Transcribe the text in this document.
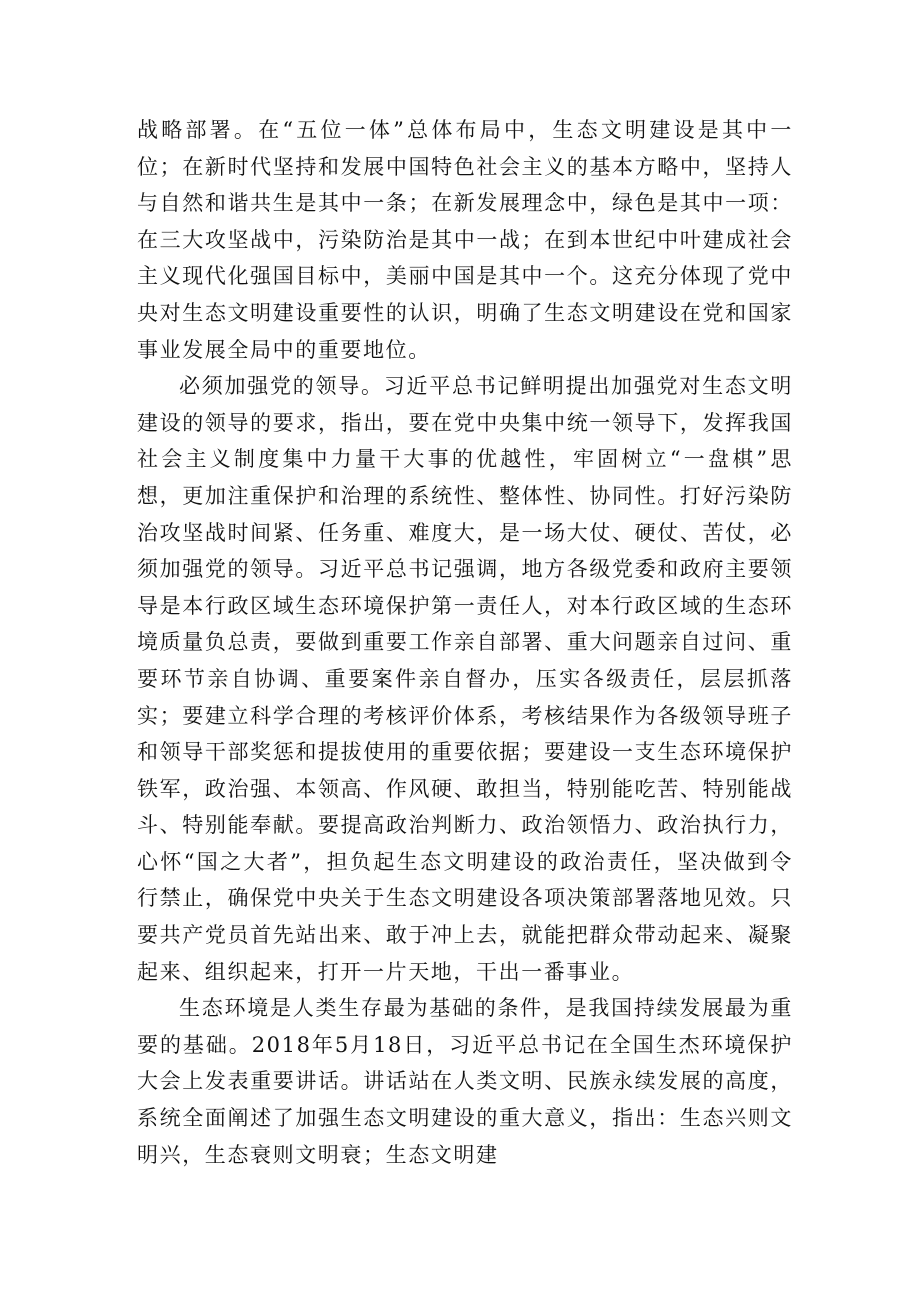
战略部署。在“五位一体”总体布局中，生态文明建设是其中一位；在新时代坚持和发展中国特色社会主义的基本方略中，坚持人与自然和谐共生是其中一条；在新发展理念中，绿色是其中一项：在三大攻坚战中，污染防治是其中一战；在到本世纪中叶建成社会主义现代化强国目标中，美丽中国是其中一个。这充分体现了党中央对生态文明建设重要性的认识，明确了生态文明建设在党和国家事业发展全局中的重要地位。

必须加强党的领导。习近平总书记鲜明提出加强党对生态文明建设的领导的要求，指出，要在党中央集中统一领导下，发挥我国社会主义制度集中力量干大事的优越性，牢固树立“一盘棋”思想，更加注重保护和治理的系统性、整体性、协同性。打好污染防治攻坚战时间紧、任务重、难度大，是一场大仗、硬仗、苦仗，必须加强党的领导。习近平总书记强调，地方各级党委和政府主要领导是本行政区域生态环境保护第一责任人，对本行政区域的生态环境质量负总责，要做到重要工作亲自部署、重大问题亲自过问、重要环节亲自协调、重要案件亲自督办，压实各级责任，层层抓落实；要建立科学合理的考核评价体系，考核结果作为各级领导班子和领导干部奖惩和提拔使用的重要依据；要建设一支生态环境保护铁军，政治强、本领高、作风硬、敢担当，特别能吃苦、特别能战斗、特别能奉献。要提高政治判断力、政治领悟力、政治执行力，心怀“国之大者”，担负起生态文明建设的政治责任，坚决做到令行禁止，确保党中央关于生态文明建设各项决策部署落地见效。只要共产党员首先站出来、敢于冲上去，就能把群众带动起来、凝聚起来、组织起来，打开一片天地，干出一番事业。

生态环境是人类生存最为基础的条件，是我国持续发展最为重要的基础。2018年5月18日，习近平总书记在全国生杰环境保护大会上发表重要讲话。讲话站在人类文明、民族永续发展的高度，系统全面阐述了加强生态文明建设的重大意义，指出：生态兴则文明兴，生态衰则文明衰；生态文明建
